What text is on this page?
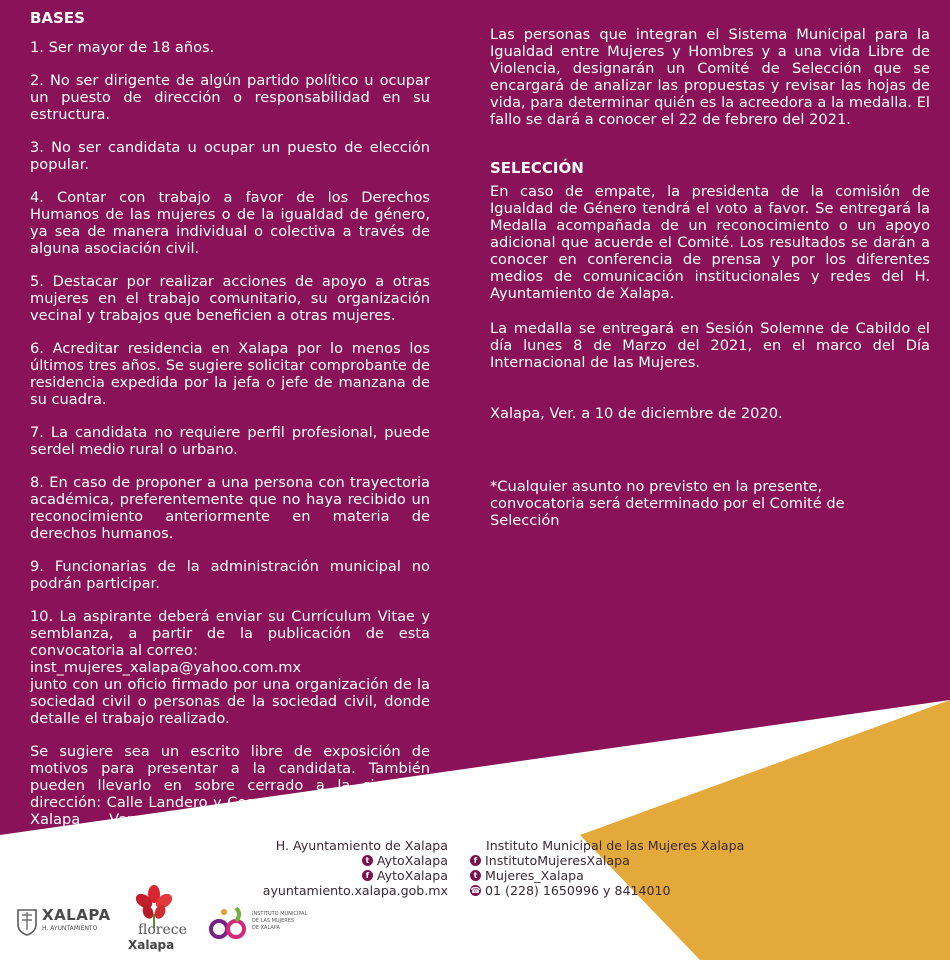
BASES

1. Ser mayor de 18 años.

2. No ser dirigente de algún partido político u ocupar un puesto de dirección o responsabilidad en su estructura.

3. No ser candidata u ocupar un puesto de elección popular.

4. Contar con trabajo a favor de los Derechos Humanos de las mujeres o de la igualdad de género, ya sea de manera individual o colectiva a través de alguna asociación civil.

5. Destacar por realizar acciones de apoyo a otras mujeres en el trabajo comunitario, su organización vecinal y trabajos que beneficien a otras mujeres.

6. Acreditar residencia en Xalapa por lo menos los últimos tres años. Se sugiere solicitar comprobante de residencia expedida por la jefa o jefe de manzana de su cuadra.

7. La candidata no requiere perfil profesional, puede serdel medio rural o urbano.

8. En caso de proponer a una persona con trayectoria académica, preferentemente que no haya recibido un reconocimiento anteriormente en materia de derechos humanos.

9. Funcionarias de la administración municipal no podrán participar.

10. La aspirante deberá enviar su Currículum Vitae y semblanza, a partir de la publicación de esta convocatoria al correo:
inst_mujeres_xalapa@yahoo.com.mx
junto con un oficio firmado por una organización de la sociedad civil o personas de la sociedad civil, donde detalle el trabajo realizado.

Se sugiere sea un escrito libre de exposición de motivos para presentar a la candidata. También pueden llevarlo en sobre cerrado a la siguiente dirección: Calle Landero y Coss 36-42., Col. Centro en Xalapa Veracruz. Teléfonos 228 8414010, 2281650996.

Las personas que integran el Sistema Municipal para la Igualdad entre Mujeres y Hombres y a una vida Libre de Violencia, designarán un Comité de Selección que se encargará de analizar las propuestas y revisar las hojas de vida, para determinar quién es la acreedora a la medalla. El fallo se dará a conocer el 22 de febrero del 2021.

SELECCIÓN

En caso de empate, la presidenta de la comisión de Igualdad de Género tendrá el voto a favor. Se entregará la Medalla acompañada de un reconocimiento o un apoyo adicional que acuerde el Comité. Los resultados se darán a conocer en conferencia de prensa y por los diferentes medios de comunicación institucionales y redes del H. Ayuntamiento de Xalapa.

La medalla se entregará en Sesión Solemne de Cabildo el día lunes 8 de Marzo del 2021, en el marco del Día Internacional de las Mujeres.

Xalapa, Ver. a 10 de diciembre de 2020.

*Cualquier asunto no previsto en la presente, convocatoria será determinado por el Comité de Selección

H. Ayuntamiento de Xalapa
t AytoXalapa
f AytoXalapa
ayuntamiento.xalapa.gob.mx
Instituto Municipal de las Mujeres Xalapa
f InstitutoMujeresXalapa
t Mujeres_Xalapa
☎ 01 (228) 1650996 y 8414010
XALAPA
H. AYUNTAMIENTO	florece
Xalapa
INSTITUTO MUNICIPAL
DE LAS MUJERES
DE XALAPA
